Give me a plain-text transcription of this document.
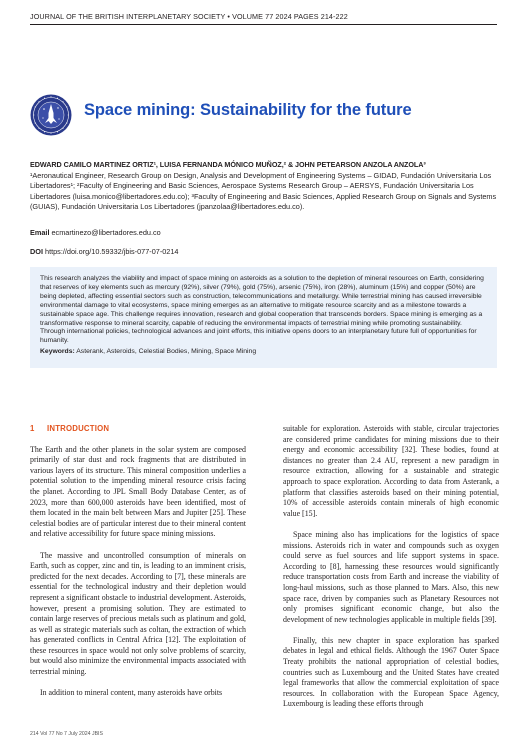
JOURNAL OF THE BRITISH INTERPLANETARY SOCIETY • VOLUME 77 2024 PAGES 214-222
Space mining: Sustainability for the future
EDWARD CAMILO MARTINEZ ORTIZ¹, LUISA FERNANDA MÓNICO MUÑOZ,² & JOHN PETEARSON ANZOLA ANZOLA³
¹Aeronautical Engineer, Research Group on Design, Analysis and Development of Engineering Systems – GIDAD, Fundación Universitaria Los Libertadores¹; ²Faculty of Engineering and Basic Sciences, Aerospace Systems Research Group – AERSYS, Fundación Universitaria Los Libertadores (luisa.monico@libertadores.edu.co); ³Faculty of Engineering and Basic Sciences, Applied Research Group on Signals and Systems (GUIAS), Fundación Universitaria Los Libertadores (jpanzolaa@libertadores.edu.co).
Email ecmartinezo@libertadores.edu.co
DOI https://doi.org/10.59332/jbis-077-07-0214
This research analyzes the viability and impact of space mining on asteroids as a solution to the depletion of mineral resources on Earth, considering that reserves of key elements such as mercury (92%), silver (79%), gold (75%), arsenic (75%), iron (28%), aluminum (15%) and copper (50%) are being depleted, affecting essential sectors such as construction, telecommunications and metallurgy. While terrestrial mining has caused irreversible environmental damage to vital ecosystems, space mining emerges as an alternative to mitigate resource scarcity and as a milestone towards a sustainable space age. This challenge requires innovation, research and global cooperation that transcends borders. Space mining is emerging as a transformative response to mineral scarcity, capable of reducing the environmental impacts of terrestrial mining while promoting sustainability. Through international policies, technological advances and joint efforts, this initiative opens doors to an interplanetary future full of opportunities for humanity.
Keywords: Asterank, Asteroids, Celestial Bodies, Mining, Space Mining
1 INTRODUCTION

The Earth and the other planets in the solar system are composed primarily of star dust and rock fragments that are distributed in various layers of its structure. This mineral composition underlies a potential solution to the impending mineral resource crisis facing the planet. According to JPL Small Body Database Center, as of 2023, more than 600,000 asteroids have been identified, most of them located in the main belt between Mars and Jupiter [25]. These celestial bodies are of particular interest due to their mineral content and relative accessibility for future space mining missions.

The massive and uncontrolled consumption of minerals on Earth, such as copper, zinc and tin, is leading to an imminent crisis, predicted for the next decades. According to [7], these minerals are essential for the technological industry and their depletion would represent a significant obstacle to industrial development. Asteroids, however, present a promising solution. They are estimated to contain large reserves of precious metals such as platinum and gold, as well as strategic materials such as coltan, the extraction of which has generated conflicts in Central Africa [12]. The exploitation of these resources in space would not only solve problems of scarcity, but would also minimize the environmental impacts associated with terrestrial mining.

In addition to mineral content, many asteroids have orbits

suitable for exploration. Asteroids with stable, circular trajectories are considered prime candidates for mining missions due to their energy and economic accessibility [32]. These bodies, found at distances no greater than 2.4 AU, represent a new paradigm in resource extraction, allowing for a sustainable and strategic approach to space exploration. According to data from Asterank, a platform that classifies asteroids based on their mining potential, 10% of accessible asteroids contain minerals of high economic value [15].

Space mining also has implications for the logistics of space missions. Asteroids rich in water and compounds such as oxygen could serve as fuel sources and life support systems in space. According to [8], harnessing these resources would significantly reduce transportation costs from Earth and increase the viability of long-haul missions, such as those planned to Mars. Also, this new space race, driven by companies such as Planetary Resources not only promises significant economic change, but also the development of new technologies applicable in multiple fields [39].

Finally, this new chapter in space exploration has sparked debates in legal and ethical fields. Although the 1967 Outer Space Treaty prohibits the national appropriation of celestial bodies, countries such as Luxembourg and the United States have created legal frameworks that allow the commercial exploitation of space resources. In collaboration with the European Space Agency, Luxembourg is leading these efforts through

214 Vol 77 No 7 July 2024 JBIS
